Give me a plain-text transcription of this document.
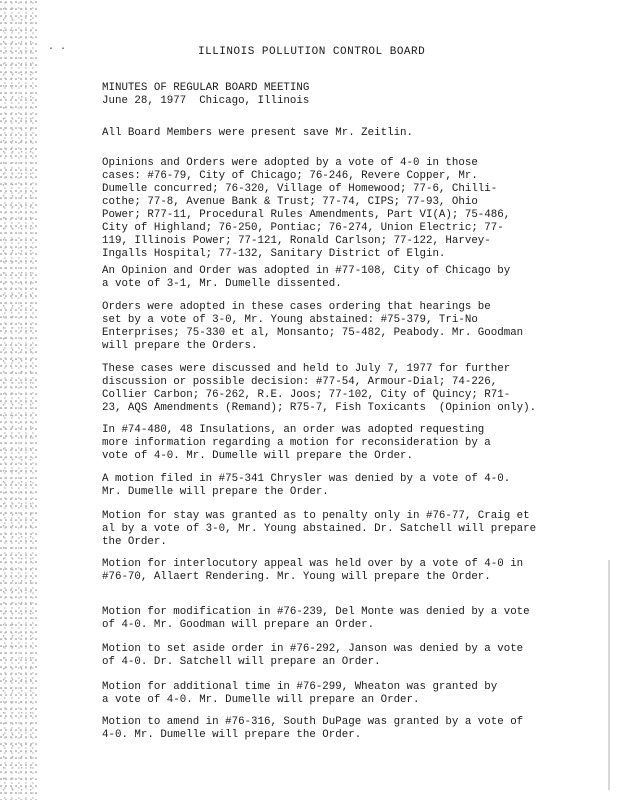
· ·	ILLINOIS POLLUTION CONTROL BOARD
MINUTES OF REGULAR BOARD MEETING
June 28, 1977  Chicago, Illinois

All Board Members were present save Mr. Zeitlin.

Opinions and Orders were adopted by a vote of 4-0 in those
cases: #76-79, City of Chicago; 76-246, Revere Copper, Mr.
Dumelle concurred; 76-320, Village of Homewood; 77-6, Chilli-
cothe; 77-8, Avenue Bank & Trust; 77-74, CIPS; 77-93, Ohio
Power; R77-11, Procedural Rules Amendments, Part VI(A); 75-486,
City of Highland; 76-250, Pontiac; 76-274, Union Electric; 77-
119, Illinois Power; 77-121, Ronald Carlson; 77-122, Harvey-
Ingalls Hospital; 77-132, Sanitary District of Elgin.

An Opinion and Order was adopted in #77-108, City of Chicago by
a vote of 3-1, Mr. Dumelle dissented.

Orders were adopted in these cases ordering that hearings be
set by a vote of 3-0, Mr. Young abstained: #75-379, Tri-No
Enterprises; 75-330 et al, Monsanto; 75-482, Peabody. Mr. Goodman
will prepare the Orders.

These cases were discussed and held to July 7, 1977 for further
discussion or possible decision: #77-54, Armour-Dial; 74-226,
Collier Carbon; 76-262, R.E. Joos; 77-102, City of Quincy; R71-
23, AQS Amendments (Remand); R75-7, Fish Toxicants  (Opinion only).

In #74-480, 48 Insulations, an order was adopted requesting
more information regarding a motion for reconsideration by a
vote of 4-0. Mr. Dumelle will prepare the Order.

A motion filed in #75-341 Chrysler was denied by a vote of 4-0.
Mr. Dumelle will prepare the Order.

Motion for stay was granted as to penalty only in #76-77, Craig et
al by a vote of 3-0, Mr. Young abstained. Dr. Satchell will prepare
the Order.

Motion for interlocutory appeal was held over by a vote of 4-0 in
#76-70, Allaert Rendering. Mr. Young will prepare the Order.

Motion for modification in #76-239, Del Monte was denied by a vote
of 4-0. Mr. Goodman will prepare an Order.

Motion to set aside order in #76-292, Janson was denied by a vote
of 4-0. Dr. Satchell will prepare an Order.

Motion for additional time in #76-299, Wheaton was granted by
a vote of 4-0. Mr. Dumelle will prepare an Order.

Motion to amend in #76-316, South DuPage was granted by a vote of
4-0. Mr. Dumelle will prepare the Order.
